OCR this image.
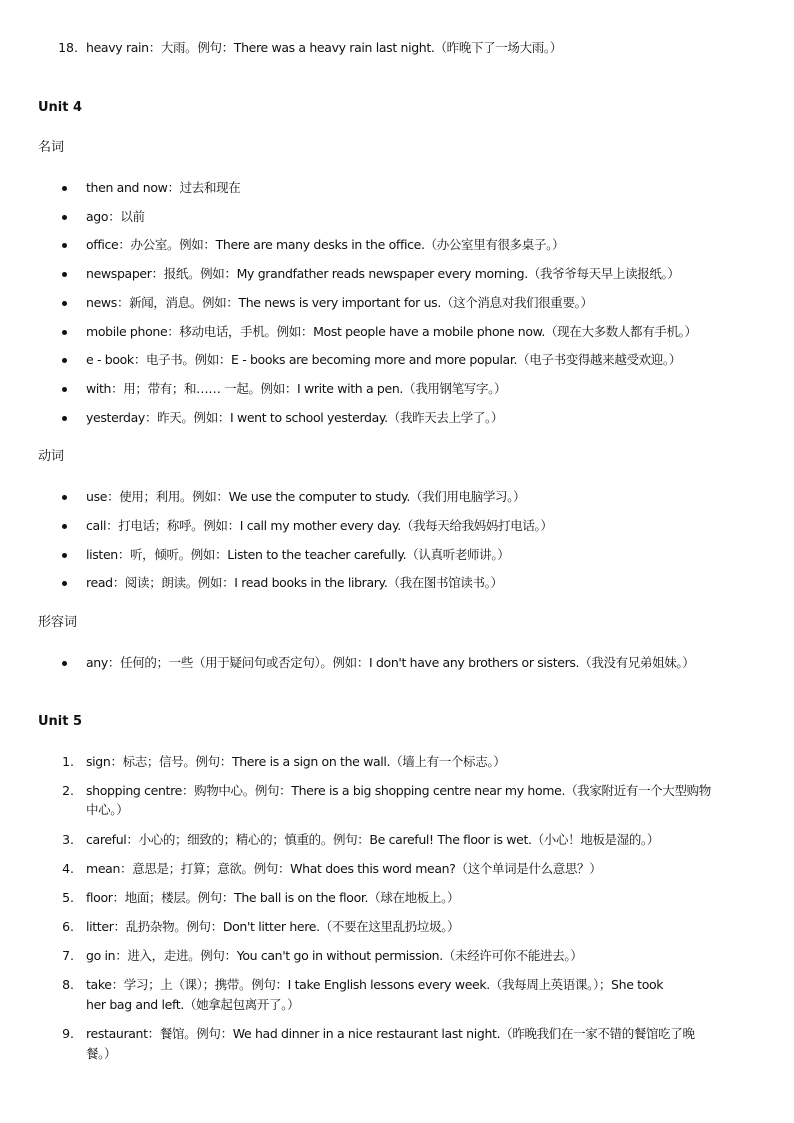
18. heavy rain：大雨。例句：There was a heavy rain last night.（昨晚下了一场大雨。）
Unit 4
名词
then and now：过去和现在
ago：以前
office：办公室。例如：There are many desks in the office.（办公室里有很多桌子。）
newspaper：报纸。例如：My grandfather reads newspaper every morning.（我爷爷每天早上读报纸。）
news：新闻，消息。例如：The news is very important for us.（这个消息对我们很重要。）
mobile phone：移动电话，手机。例如：Most people have a mobile phone now.（现在大多数人都有手机。）
e - book：电子书。例如：E - books are becoming more and more popular.（电子书变得越来越受欢迎。）
with：用；带有；和…… 一起。例如：I write with a pen.（我用钢笔写字。）
yesterday：昨天。例如：I went to school yesterday.（我昨天去上学了。）
动词
use：使用；利用。例如：We use the computer to study.（我们用电脑学习。）
call：打电话；称呼。例如：I call my mother every day.（我每天给我妈妈打电话。）
listen：听，倾听。例如：Listen to the teacher carefully.（认真听老师讲。）
read：阅读；朗读。例如：I read books in the library.（我在图书馆读书。）
形容词
any：任何的；一些（用于疑问句或否定句）。例如：I don't have any brothers or sisters.（我没有兄弟姐妹。）
Unit 5
1. sign：标志；信号。例句：There is a sign on the wall.（墙上有一个标志。）
2. shopping centre：购物中心。例句：There is a big shopping centre near my home.（我家附近有一个大型购物
中心。）
3. careful：小心的；细致的；精心的；慎重的。例句：Be careful! The floor is wet.（小心！地板是湿的。）
4. mean：意思是；打算；意欲。例句：What does this word mean?（这个单词是什么意思？）
5. floor：地面；楼层。例句：The ball is on the floor.（球在地板上。）
6. litter：乱扔杂物。例句：Don't litter here.（不要在这里乱扔垃圾。）
7. go in：进入，走进。例句：You can't go in without permission.（未经许可你不能进去。）
8. take：学习；上（课）；携带。例句：I take English lessons every week.（我每周上英语课。）；She took
her bag and left.（她拿起包离开了。）
9. restaurant：餐馆。例句：We had dinner in a nice restaurant last night.（昨晚我们在一家不错的餐馆吃了晚
餐。）
